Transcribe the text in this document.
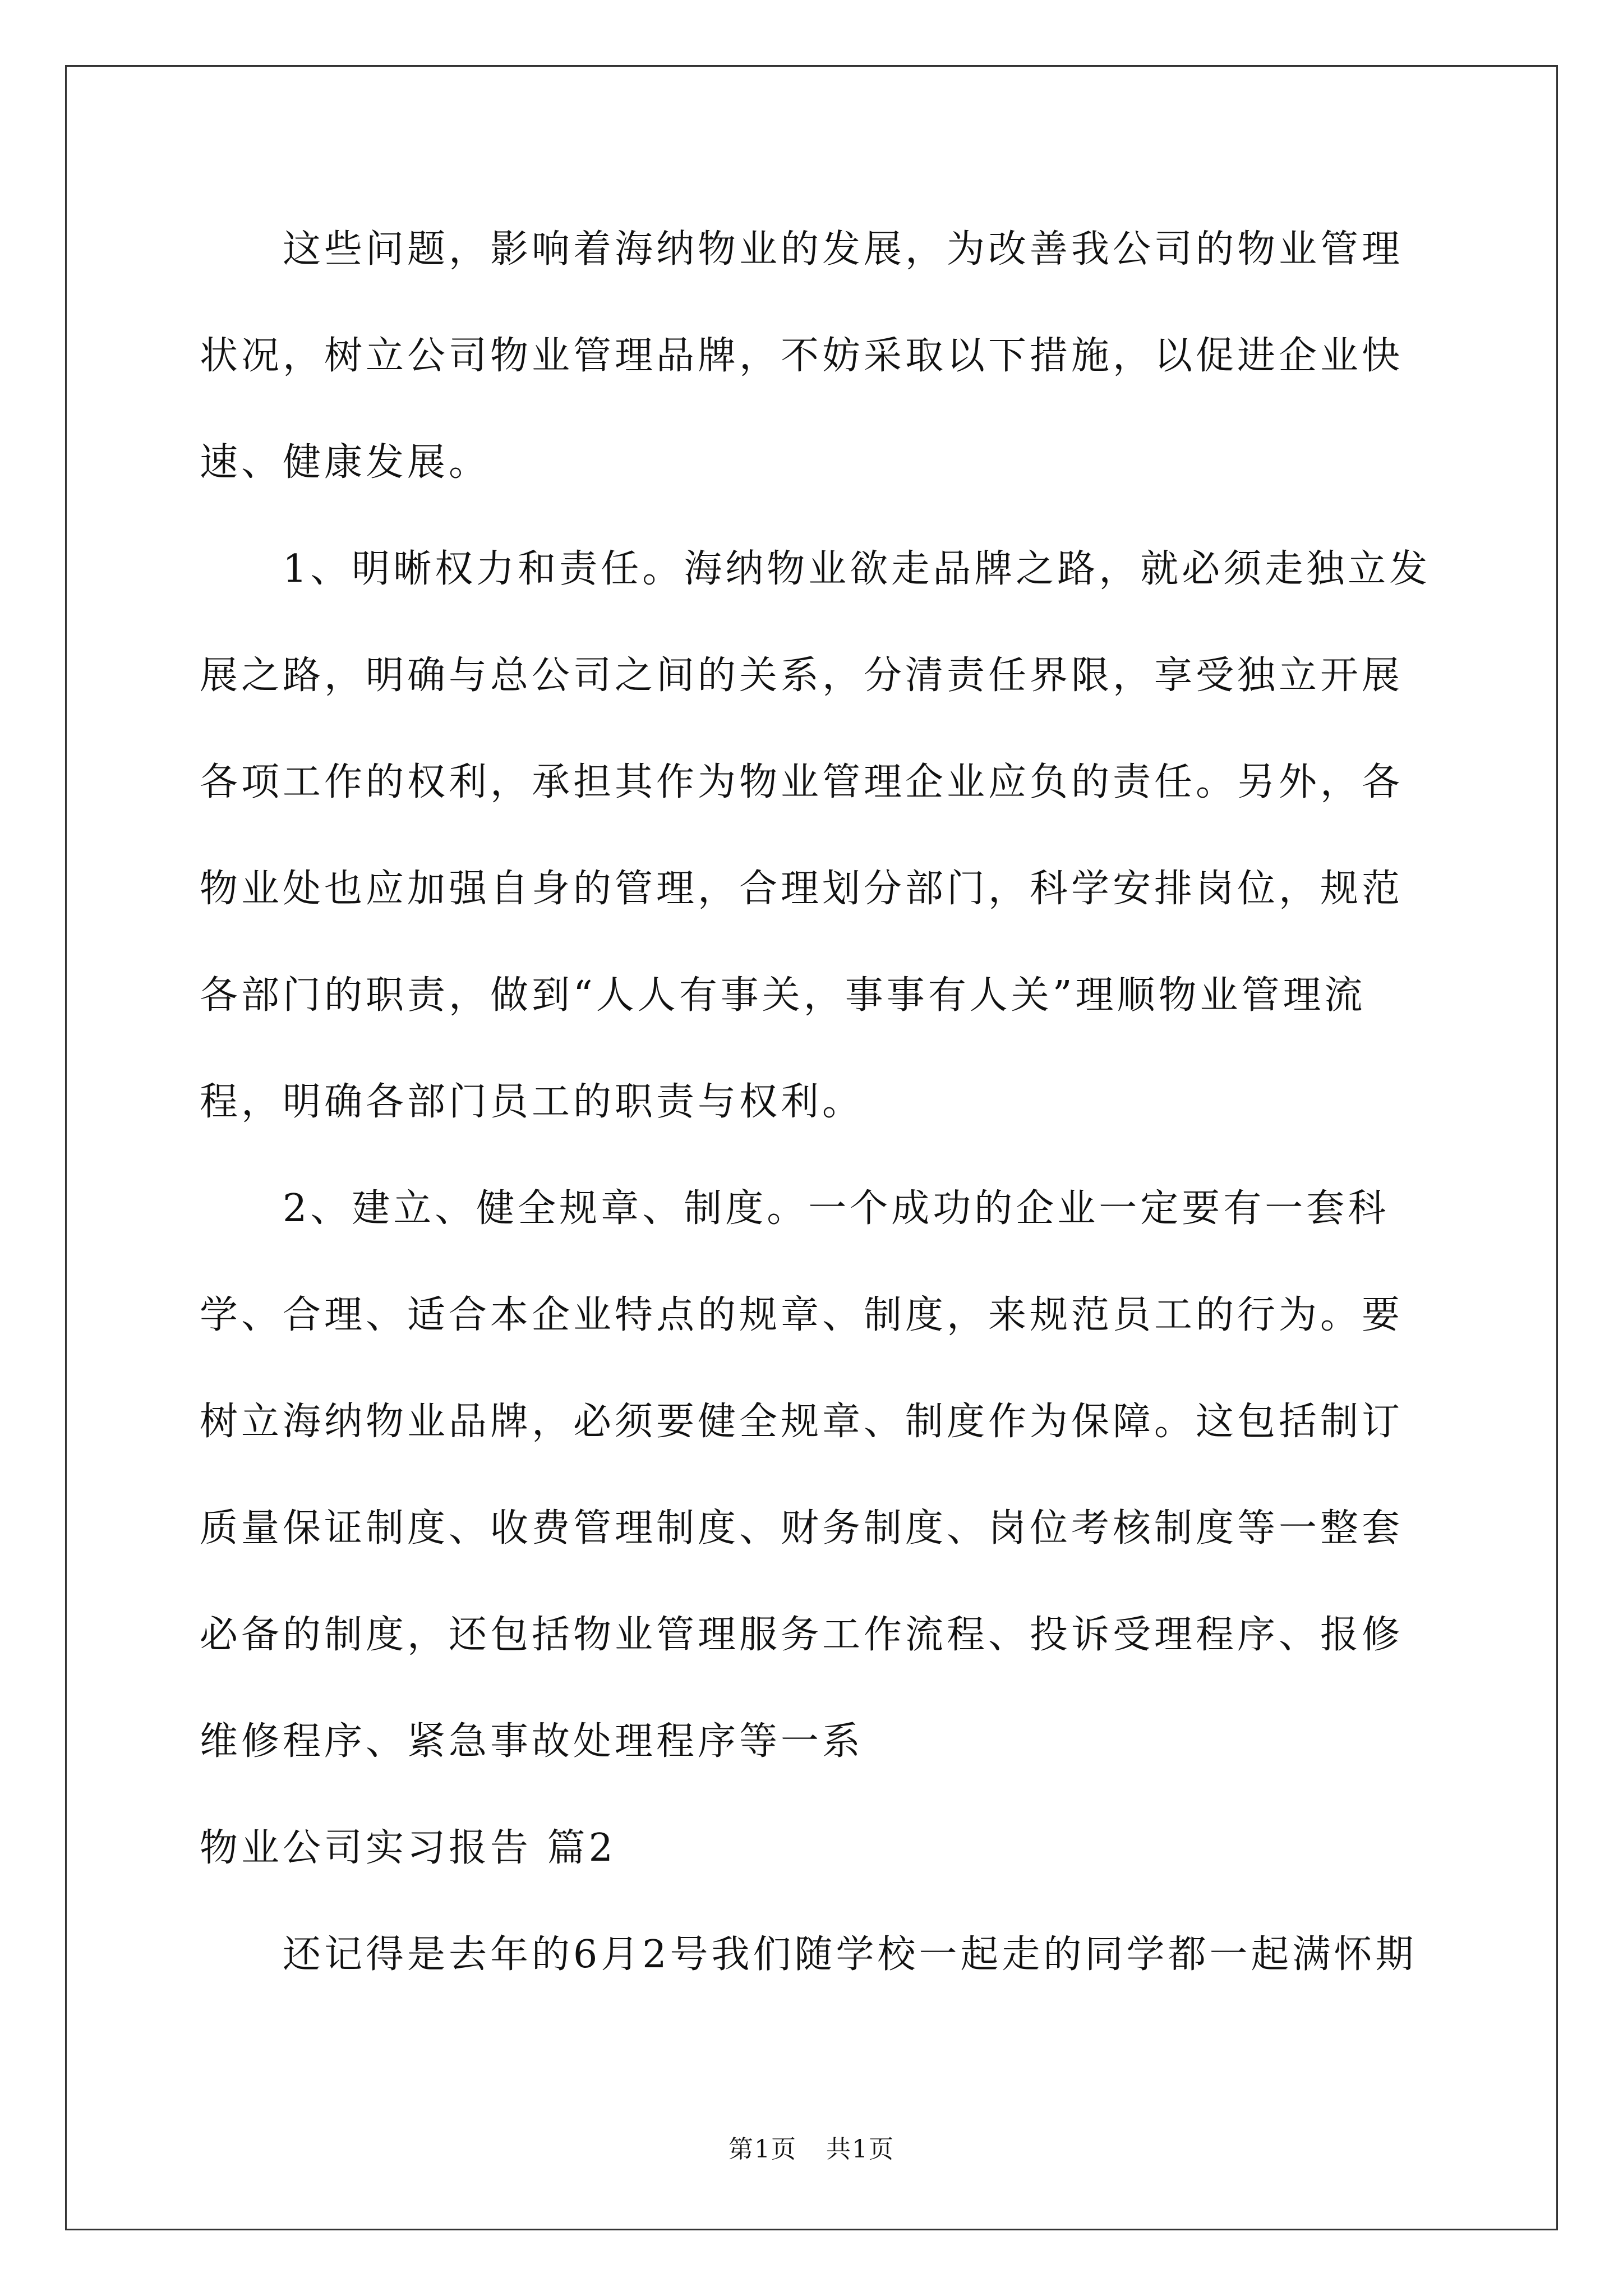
这些问题，影响着海纳物业的发展，为改善我公司的物业管理状况，树立公司物业管理品牌，不妨采取以下措施，以促进企业快速、健康发展。

1、明晰权力和责任。海纳物业欲走品牌之路，就必须走独立发展之路，明确与总公司之间的关系，分清责任界限，享受独立开展各项工作的权利，承担其作为物业管理企业应负的责任。另外，各物业处也应加强自身的管理，合理划分部门，科学安排岗位，规范各部门的职责，做到“人人有事关，事事有人关”理顺物业管理流程，明确各部门员工的职责与权利。

2、建立、健全规章、制度。一个成功的企业一定要有一套科学、合理、适合本企业特点的规章、制度，来规范员工的行为。要树立海纳物业品牌，必须要健全规章、制度作为保障。这包括制订质量保证制度、收费管理制度、财务制度、岗位考核制度等一整套必备的制度，还包括物业管理服务工作流程、投诉受理程序、报修维修程序、紧急事故处理程序等一系

物业公司实习报告 篇2

还记得是去年的6月2号我们随学校一起走的同学都一起满怀期

第1页 共1页
